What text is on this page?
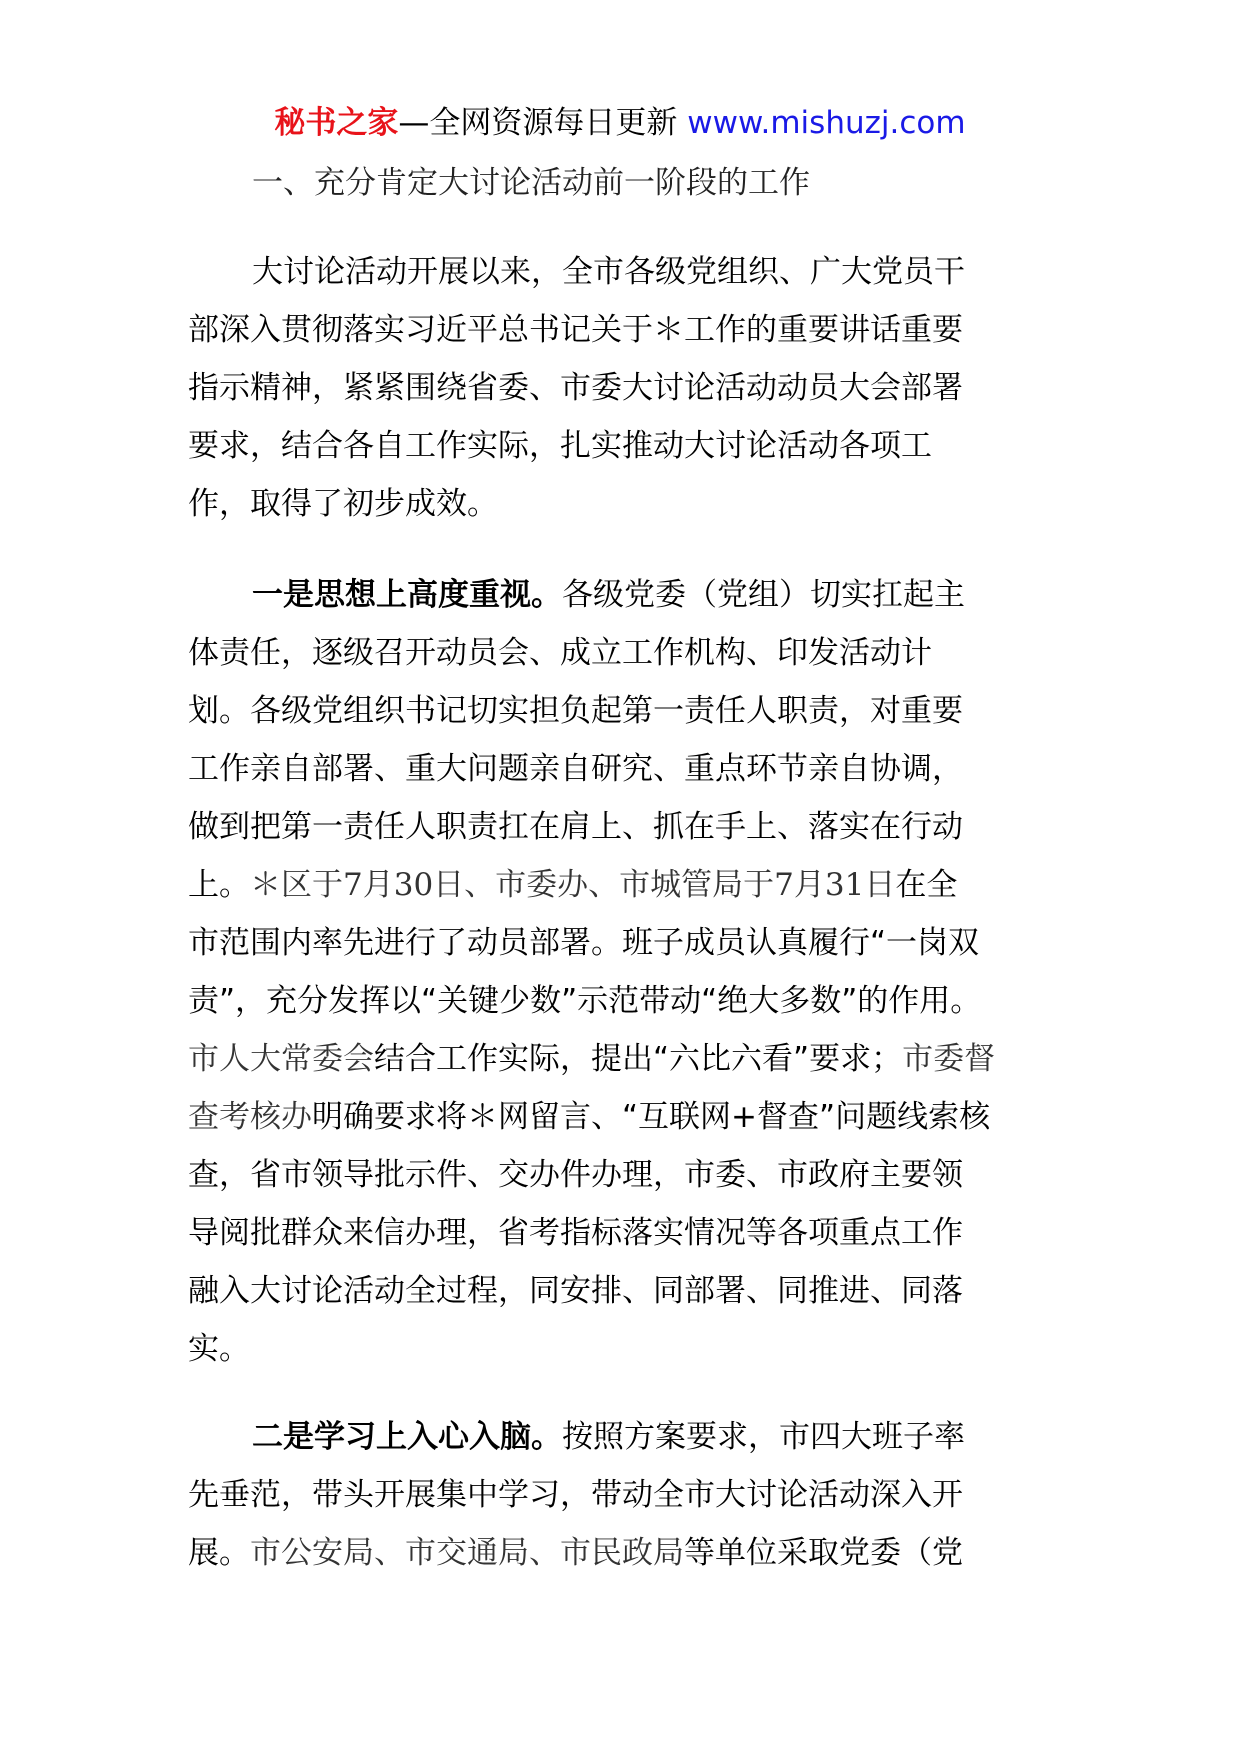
秘书之家—全网资源每日更新 www.mishuzj.com
一、充分肯定大讨论活动前一阶段的工作
大讨论活动开展以来，全市各级党组织、广大党员干
部深入贯彻落实习近平总书记关于＊工作的重要讲话重要
指示精神，紧紧围绕省委、市委大讨论活动动员大会部署
要求，结合各自工作实际，扎实推动大讨论活动各项工
作，取得了初步成效。
一是思想上高度重视。各级党委（党组）切实扛起主
体责任，逐级召开动员会、成立工作机构、印发活动计
划。各级党组织书记切实担负起第一责任人职责，对重要
工作亲自部署、重大问题亲自研究、重点环节亲自协调，
做到把第一责任人职责扛在肩上、抓在手上、落实在行动
上。＊区于7月30日、市委办、市城管局于7月31日在全
市范围内率先进行了动员部署。班子成员认真履行“一岗双
责”，充分发挥以“关键少数”示范带动“绝大多数”的作用。
市人大常委会结合工作实际，提出“六比六看”要求；市委督
查考核办明确要求将＊网留言、“互联网+督查”问题线索核
查，省市领导批示件、交办件办理，市委、市政府主要领
导阅批群众来信办理，省考指标落实情况等各项重点工作
融入大讨论活动全过程，同安排、同部署、同推进、同落
实。
二是学习上入心入脑。按照方案要求，市四大班子率
先垂范，带头开展集中学习，带动全市大讨论活动深入开
展。市公安局、市交通局、市民政局等单位采取党委（党
